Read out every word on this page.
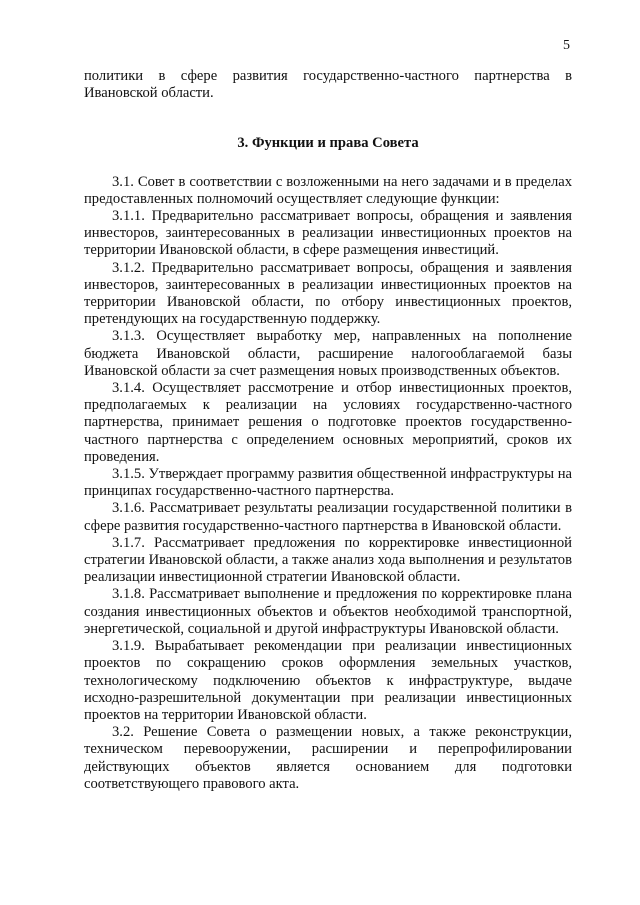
5

политики в сфере развития государственно-частного партнерства в Ивановской области.

3. Функции и права Совета

3.1. Совет в соответствии с возложенными на него задачами и в пределах предоставленных полномочий осуществляет следующие функции:

3.1.1. Предварительно рассматривает вопросы, обращения и заявления инвесторов, заинтересованных в реализации инвестиционных проектов на территории Ивановской области, в сфере размещения инвестиций.

3.1.2. Предварительно рассматривает вопросы, обращения и заявления инвесторов, заинтересованных в реализации инвестиционных проектов на территории Ивановской области, по отбору инвестиционных проектов, претендующих на государственную поддержку.

3.1.3. Осуществляет выработку мер, направленных на пополнение бюджета Ивановской области, расширение налогооблагаемой базы Ивановской области за счет размещения новых производственных объектов.

3.1.4. Осуществляет рассмотрение и отбор инвестиционных проектов, предполагаемых к реализации на условиях государственно-частного партнерства, принимает решения о подготовке проектов государственно-частного партнерства с определением основных мероприятий, сроков их проведения.

3.1.5. Утверждает программу развития общественной инфраструктуры на принципах государственно-частного партнерства.

3.1.6. Рассматривает результаты реализации государственной политики в сфере развития государственно-частного партнерства в Ивановской области.

3.1.7. Рассматривает предложения по корректировке инвестиционной стратегии Ивановской области, а также анализ хода выполнения и результатов реализации инвестиционной стратегии Ивановской области.

3.1.8. Рассматривает выполнение и предложения по корректировке плана создания инвестиционных объектов и объектов необходимой транспортной, энергетической, социальной и другой инфраструктуры Ивановской области.

3.1.9. Вырабатывает рекомендации при реализации инвестиционных проектов по сокращению сроков оформления земельных участков, технологическому подключению объектов к инфраструктуре, выдаче исходно-разрешительной документации при реализации инвестиционных проектов на территории Ивановской области.

3.2. Решение Совета о размещении новых, а также реконструкции, техническом перевооружении, расширении и перепрофилировании действующих объектов является основанием для подготовки соответствующего правового акта.
